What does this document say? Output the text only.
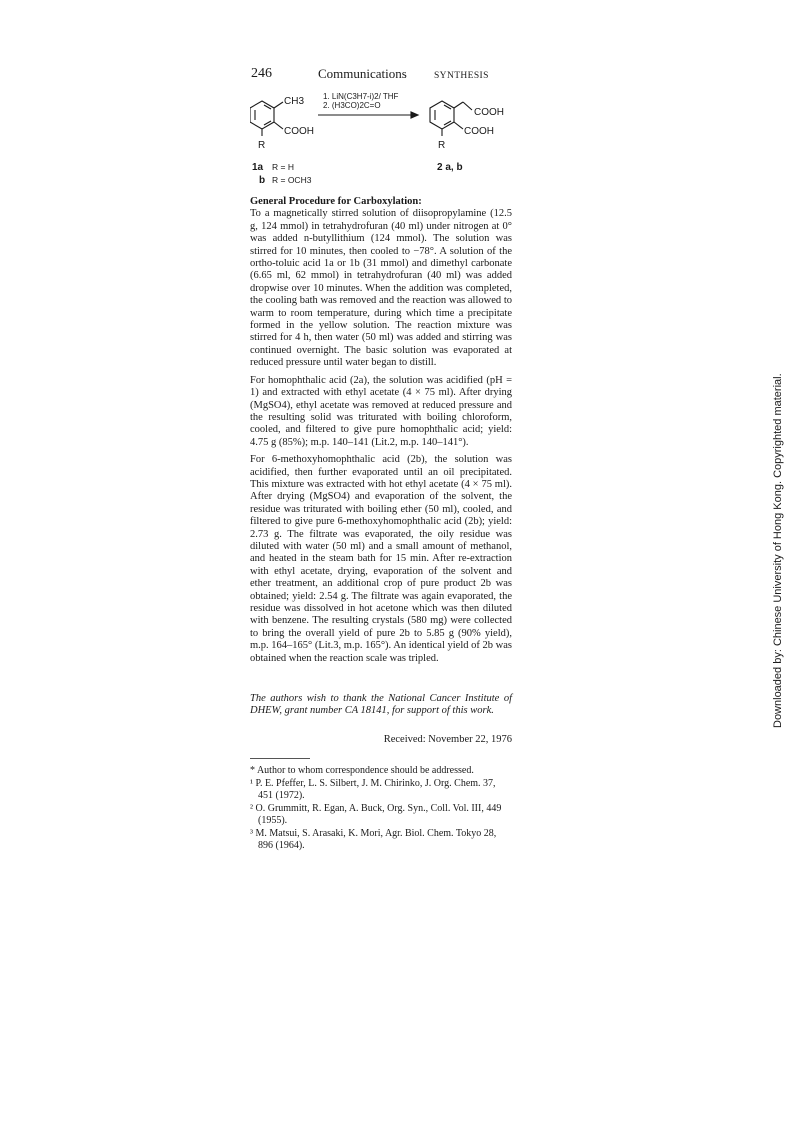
246	Communications	SYNTHESIS
CH3
COOH
R
1. LiN(C3H7-i)2/ THF
2. (H3CO)2C=O
COOH
COOH
R
1a R = H
b R = OCH3
2 a, b
General Procedure for Carboxylation:

To a magnetically stirred solution of diisopropylamine (12.5 g, 124 mmol) in tetrahydrofuran (40 ml) under nitrogen at 0° was added n-butyllithium (124 mmol). The solution was stirred for 10 minutes, then cooled to −78°. A solution of the ortho-toluic acid 1a or 1b (31 mmol) and dimethyl carbonate (6.65 ml, 62 mmol) in tetrahydrofuran (40 ml) was added dropwise over 10 minutes. When the addition was completed, the cooling bath was removed and the reaction was allowed to warm to room temperature, during which time a precipitate formed in the yellow solution. The reaction mixture was stirred for 4 h, then water (50 ml) was added and stirring was continued overnight. The basic solution was evaporated at reduced pressure until water began to distill.

For homophthalic acid (2a), the solution was acidified (pH = 1) and extracted with ethyl acetate (4 × 75 ml). After drying (MgSO4), ethyl acetate was removed at reduced pressure and the resulting solid was triturated with boiling chloroform, cooled, and filtered to give pure homophthalic acid; yield: 4.75 g (85%); m.p. 140–141 (Lit.2, m.p. 140–141°).

For 6-methoxyhomophthalic acid (2b), the solution was acidified, then further evaporated until an oil precipitated. This mixture was extracted with hot ethyl acetate (4 × 75 ml). After drying (MgSO4) and evaporation of the solvent, the residue was triturated with boiling ether (50 ml), cooled, and filtered to give pure 6-methoxyhomophthalic acid (2b); yield: 2.73 g. The filtrate was evaporated, the oily residue was diluted with water (50 ml) and a small amount of methanol, and heated in the steam bath for 15 min. After re-extraction with ethyl acetate, drying, evaporation of the solvent and ether treatment, an additional crop of pure product 2b was obtained; yield: 2.54 g. The filtrate was again evaporated, the residue was dissolved in hot acetone which was then diluted with benzene. The resulting crystals (580 mg) were collected to bring the overall yield of pure 2b to 5.85 g (90% yield), m.p. 164–165° (Lit.3, m.p. 165°). An identical yield of 2b was obtained when the reaction scale was tripled.

The authors wish to thank the National Cancer Institute of DHEW, grant number CA 18141, for support of this work.
Received: November 22, 1976

* Author to whom correspondence should be addressed.

¹ P. E. Pfeffer, L. S. Silbert, J. M. Chirinko, J. Org. Chem. 37, 451 (1972).

² O. Grummitt, R. Egan, A. Buck, Org. Syn., Coll. Vol. III, 449 (1955).

³ M. Matsui, S. Arasaki, K. Mori, Agr. Biol. Chem. Tokyo 28, 896 (1964).

Downloaded by: Chinese University of Hong Kong. Copyrighted material.
